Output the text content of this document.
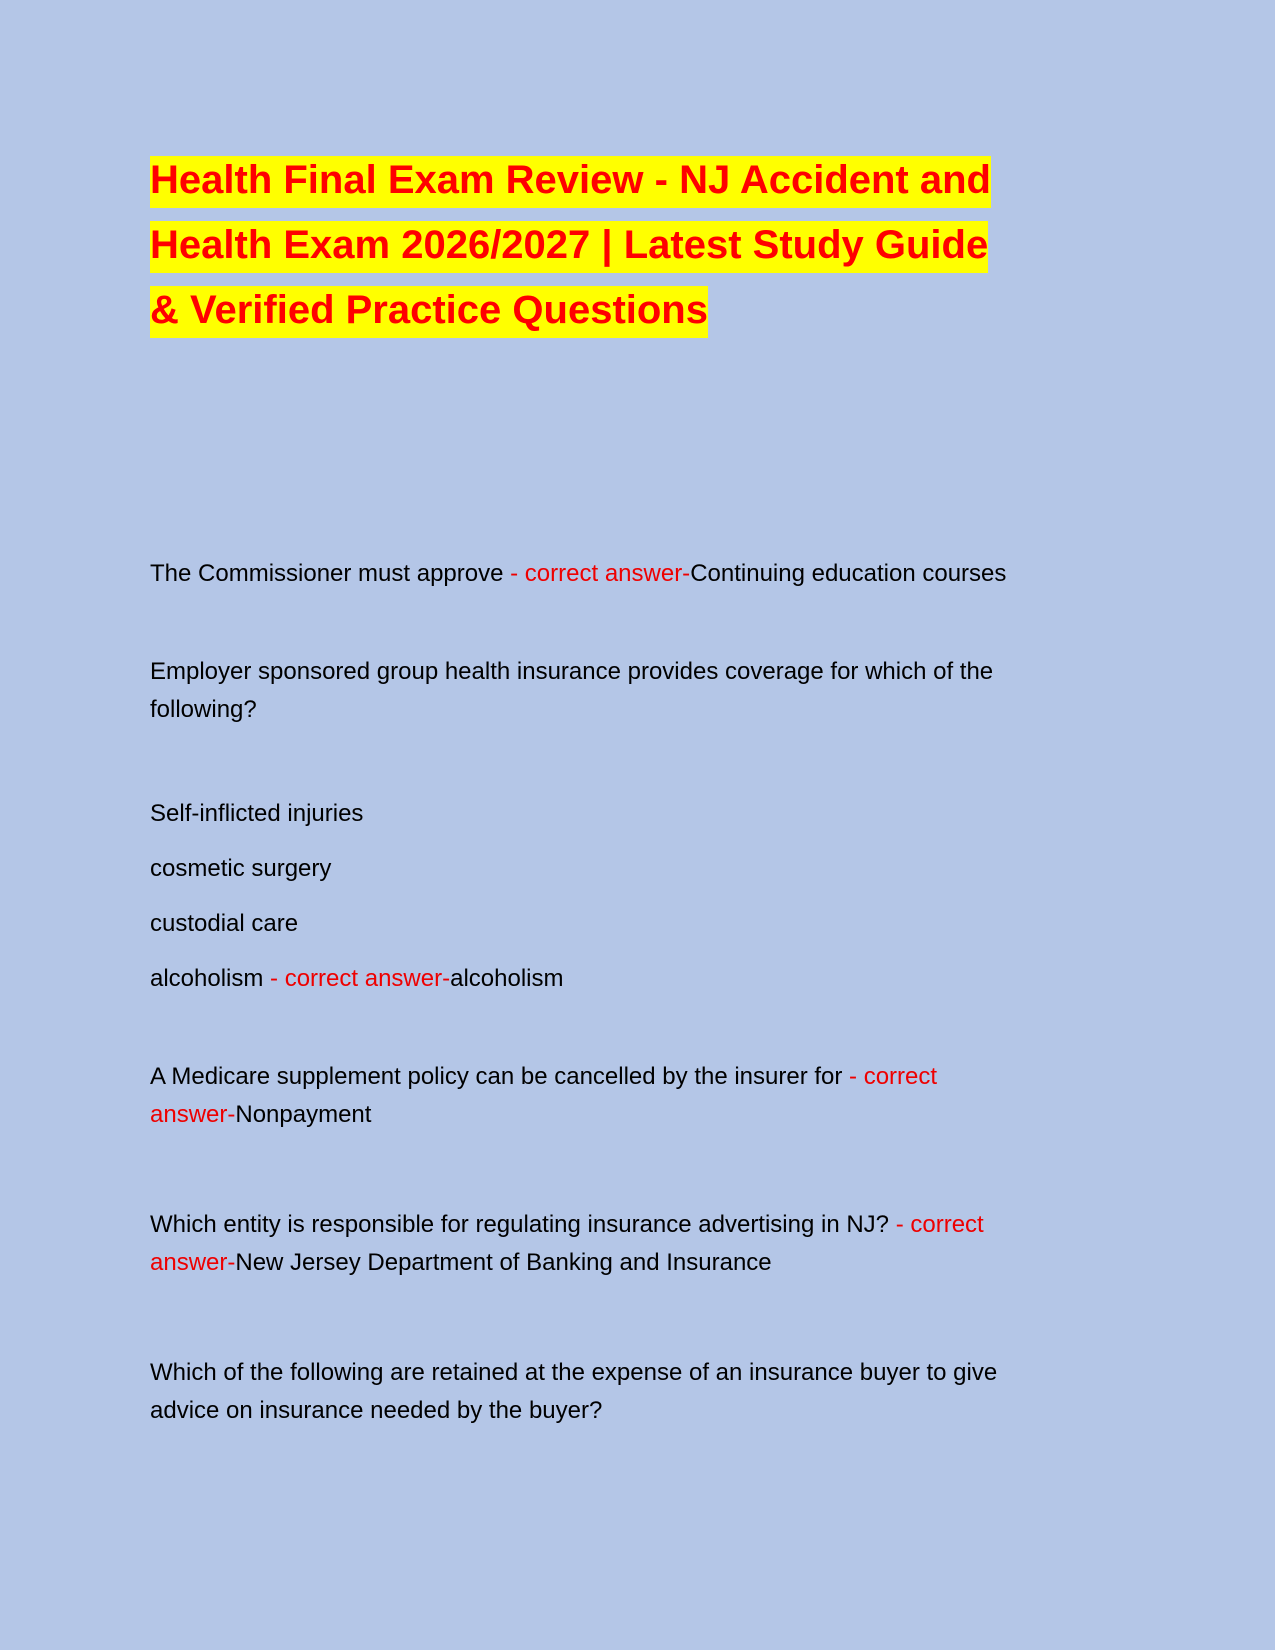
Health Final Exam Review - NJ Accident and
Health Exam 2026/2027 | Latest Study Guide
& Verified Practice Questions
The Commissioner must approve - correct answer-Continuing education courses
Employer sponsored group health insurance provides coverage for which of the
following?
Self-inflicted injuries
cosmetic surgery
custodial care
alcoholism - correct answer-alcoholism
A Medicare supplement policy can be cancelled by the insurer for - correct
answer-Nonpayment
Which entity is responsible for regulating insurance advertising in NJ? - correct
answer-New Jersey Department of Banking and Insurance
Which of the following are retained at the expense of an insurance buyer to give
advice on insurance needed by the buyer?
